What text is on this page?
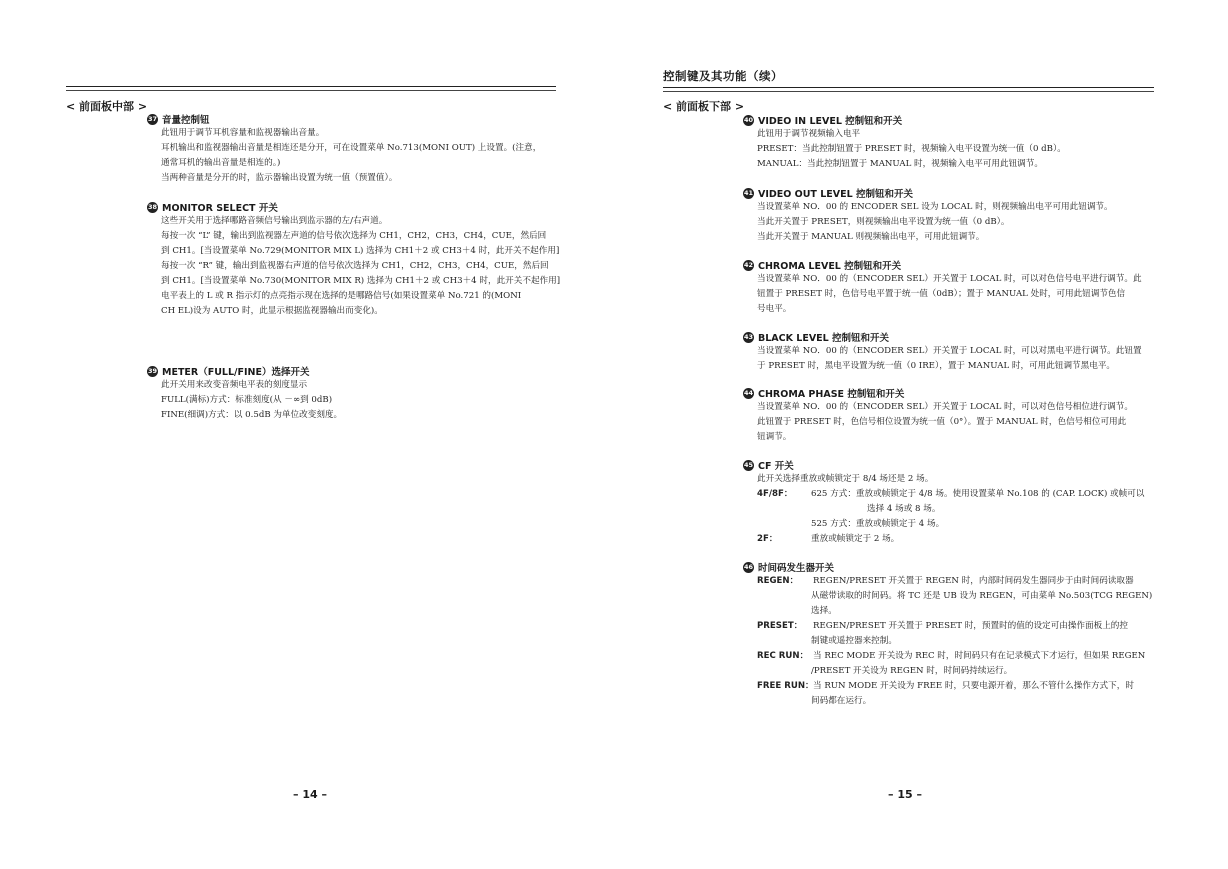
< 前面板中部 >
37 音量控制钮
此钮用于调节耳机容量和监视器输出音量。
耳机输出和监视器输出音量是相连还是分开，可在设置菜单 No.713(MONI OUT) 上设置。(注意，
通常耳机的输出音量是相连的。)
当两种音量是分开的时，监示器输出设置为统一值（预置值）。
38 MONITOR SELECT 开关
这些开关用于选择哪路音频信号输出到监示器的左/右声道。
每按一次 “L” 键，输出到监视器左声道的信号依次选择为 CH1，CH2，CH3，CH4，CUE，然后回
到 CH1。[当设置菜单 No.729(MONITOR MIX L) 选择为 CH1＋2 或 CH3＋4 时，此开关不起作用]
每按一次 “R” 键，输出到监视器右声道的信号依次选择为 CH1，CH2，CH3，CH4，CUE，然后回
到 CH1。[当设置菜单 No.730(MONITOR MIX R) 选择为 CH1＋2 或 CH3＋4 时，此开关不起作用]
电平表上的 L 或 R 指示灯的点亮指示现在选择的是哪路信号(如果设置菜单 No.721 的(MONI
CH EL)设为 AUTO 时，此显示根据监视器输出而变化)。
39 METER（FULL/FINE）选择开关
此开关用来改变音频电平表的刻度显示
FULL(满标)方式：标准刻度(从 －∞到 0dB)
FINE(细调)方式：以 0.5dB 为单位改变刻度。
– 14 –
控制键及其功能（续）
< 前面板下部 >
40 VIDEO IN LEVEL 控制钮和开关
此钮用于调节视频输入电平
PRESET：当此控制钮置于 PRESET 时，视频输入电平设置为统一值（0 dB）。
MANUAL：当此控制钮置于 MANUAL 时，视频输入电平可用此钮调节。
41 VIDEO OUT LEVEL 控制钮和开关
当设置菜单 NO．00 的 ENCODER SEL 设为 LOCAL 时，则视频输出电平可用此钮调节。
当此开关置于 PRESET，则视频输出电平设置为统一值（0 dB）。
当此开关置于 MANUAL 则视频输出电平，可用此钮调节。
42 CHROMA LEVEL 控制钮和开关
当设置菜单 NO．00 的（ENCODER SEL）开关置于 LOCAL 时，可以对色信号电平进行调节。此
钮置于 PRESET 时，色信号电平置于统一值（0dB）；置于 MANUAL 处时，可用此钮调节色信
号电平。
43 BLACK LEVEL 控制钮和开关
当设置菜单 NO．00 的（ENCODER SEL）开关置于 LOCAL 时，可以对黑电平进行调节。此钮置
于 PRESET 时，黑电平设置为统一值（0 IRE），置于 MANUAL 时，可用此钮调节黑电平。
44 CHROMA PHASE 控制钮和开关
当设置菜单 NO．00 的（ENCODER SEL）开关置于 LOCAL 时，可以对色信号相位进行调节。
此钮置于 PRESET 时，色信号相位设置为统一值（0°）。置于 MANUAL 时，色信号相位可用此
钮调节。
45 CF 开关
此开关选择重放或帧锁定于 8/4 场还是 2 场。
4F/8F：	625 方式：重放或帧锁定于 4/8 场。使用设置菜单 No.108 的 (CAP. LOCK) 或帧可以
选择 4 场或 8 场。
525 方式：重放或帧锁定于 4 场。
2F：	重放或帧锁定于 2 场。
46 时间码发生器开关
REGEN：	REGEN/PRESET 开关置于 REGEN 时，内部时间码发生器同步于由时间码读取器
从磁带读取的时间码。将 TC 还是 UB 设为 REGEN，可由菜单 No.503(TCG REGEN)
选择。
PRESET：	REGEN/PRESET 开关置于 PRESET 时，预置时的值的设定可由操作面板上的控
制键或遥控器来控制。
REC RUN： 当 REC MODE 开关设为 REC 时，时间码只有在记录模式下才运行，但如果 REGEN
/PRESET 开关设为 REGEN 时，时间码持续运行。
FREE RUN： 当 RUN MODE 开关设为 FREE 时，只要电源开着，那么不管什么操作方式下，时
间码都在运行。
– 15 –
